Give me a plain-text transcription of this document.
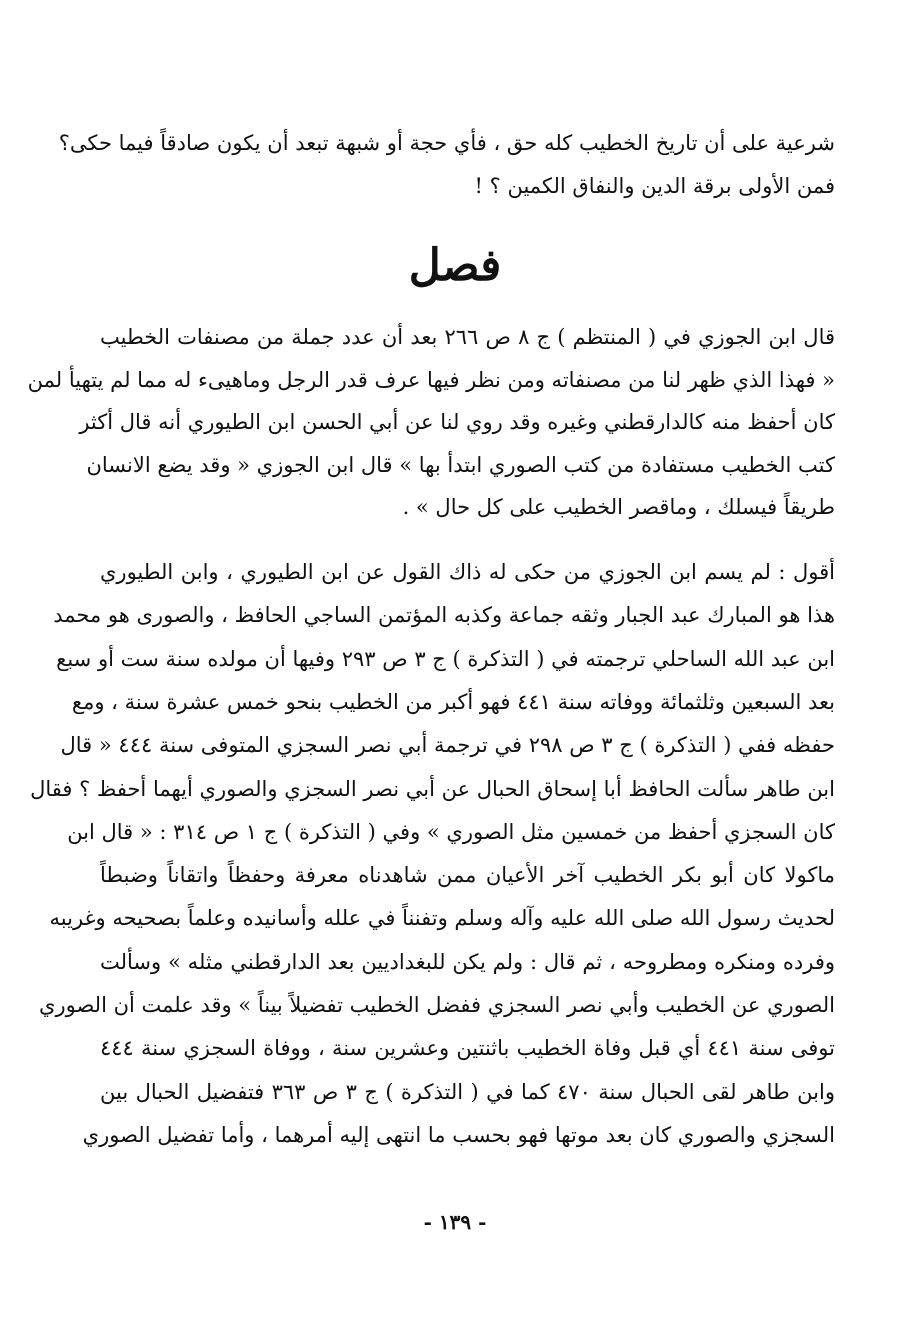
شرعية على أن تاريخ الخطيب كله حق ، فأي حجة أو شبهة تبعد أن يكون صادقاً فيما حكى؟
فمن الأولى برقة الدين والنفاق الكمين ؟ !
فصل
قال ابن الجوزي في ( المنتظم ) ج ٨ ص ٢٦٦ بعد أن عدد جملة من مصنفات الخطيب
« فهذا الذي ظهر لنا من مصنفاته ومن نظر فيها عرف قدر الرجل وماهيىء له مما لم يتهيأ لمن
كان أحفظ منه كالدارقطني وغيره وقد روي لنا عن أبي الحسن ابن الطيوري أنه قال أكثر
كتب الخطيب مستفادة من كتب الصوري ابتدأ بها » قال ابن الجوزي « وقد يضع الانسان
طريقاً فيسلك ، وماقصر الخطيب على كل حال » .
أقول : لم يسم ابن الجوزي من حكى له ذاك القول عن ابن الطيوري ، وابن الطيوري
هذا هو المبارك عبد الجبار وثقه جماعة وكذبه المؤتمن الساجي الحافظ ، والصورى هو محمد
ابن عبد الله الساحلي ترجمته في ( التذكرة ) ج ٣ ص ٢٩٣ وفيها أن مولده سنة ست أو سبع
بعد السبعين وثلثمائة ووفاته سنة ٤٤١ فهو أكبر من الخطيب بنحو خمس عشرة سنة ، ومع
حفظه ففي ( التذكرة ) ج ٣ ص ٢٩٨ في ترجمة أبي نصر السجزي المتوفى سنة ٤٤٤ « قال
ابن طاهر سألت الحافظ أبا إسحاق الحبال عن أبي نصر السجزي والصوري أيهما أحفظ ؟ فقال
كان السجزي أحفظ من خمسين مثل الصوري » وفي ( التذكرة ) ج ١ ص ٣١٤ : « قال ابن
ماكولا كان أبو بكر الخطيب آخر الأعيان ممن شاهدناه معرفة وحفظاً واتقاناً وضبطاً
لحديث رسول الله صلى الله عليه وآله وسلم وتفنناً في علله وأسانيده وعلماً بصحيحه وغريبه
وفرده ومنكره ومطروحه ، ثم قال : ولم يكن للبغداديين بعد الدارقطني مثله » وسألت
الصوري عن الخطيب وأبي نصر السجزي ففضل الخطيب تفضيلاً بيناً » وقد علمت أن الصوري
توفى سنة ٤٤١ أي قبل وفاة الخطيب باثنتين وعشرين سنة ، ووفاة السجزي سنة ٤٤٤
وابن طاهر لقى الحبال سنة ٤٧٠ كما في ( التذكرة ) ج ٣ ص ٣٦٣ فتفضيل الحبال بين
السجزي والصوري كان بعد موتها فهو بحسب ما انتهى إليه أمرهما ، وأما تفضيل الصوري
- ١٣٩ -
